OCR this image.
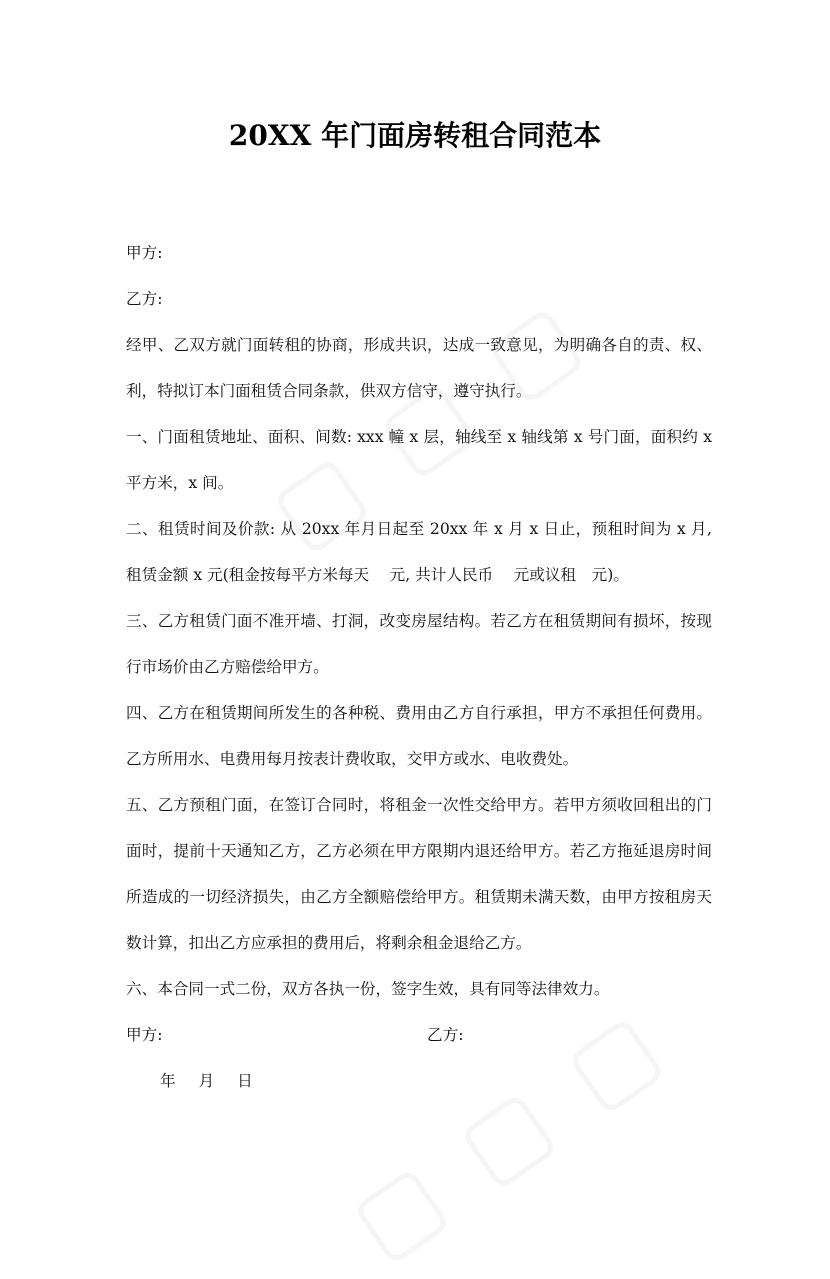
20XX 年门面房转租合同范本

甲方:

乙方:

经甲、乙双方就门面转租的协商，形成共识，达成一致意见，为明确各自的责、权、利，特拟订本门面租赁合同条款，供双方信守，遵守执行。

一、门面租赁地址、面积、间数: xxx 幢 x 层，轴线至 x 轴线第 x 号门面，面积约 x 平方米，x 间。

二、租赁时间及价款: 从 20xx 年月日起至 20xx 年 x 月 x 日止，预租时间为 x 月, 租赁金额 x 元(租金按每平方米每天　 元, 共计人民币　 元或议租　元)。

三、乙方租赁门面不准开墙、打洞，改变房屋结构。若乙方在租赁期间有损坏，按现行市场价由乙方赔偿给甲方。

四、乙方在租赁期间所发生的各种税、费用由乙方自行承担，甲方不承担任何费用。乙方所用水、电费用每月按表计费收取，交甲方或水、电收费处。

五、乙方预租门面，在签订合同时，将租金一次性交给甲方。若甲方须收回租出的门面时，提前十天通知乙方，乙方必须在甲方限期内退还给甲方。若乙方拖延退房时间所造成的一切经济损失，由乙方全额赔偿给甲方。租赁期未满天数，由甲方按租房天数计算，扣出乙方应承担的费用后，将剩余租金退给乙方。

六、本合同一式二份，双方各执一份，签字生效，具有同等法律效力。

甲方:	乙方:
年 月 日
